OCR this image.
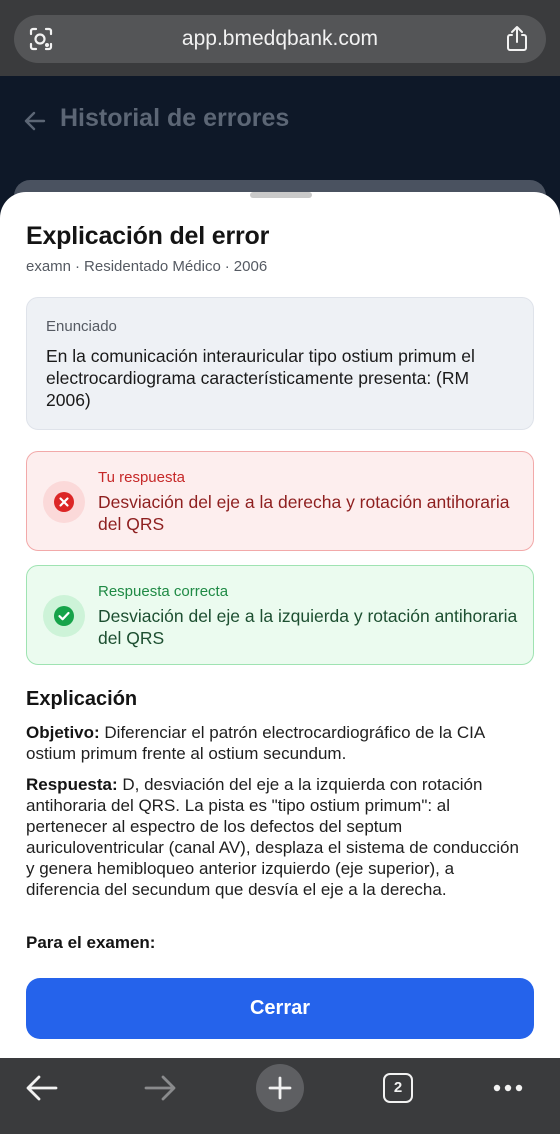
app.bmedqbank.com
Historial de errores
Explicación del error
examn · Residentado Médico · 2006
Enunciado
En la comunicación interauricular tipo ostium primum el electrocardiograma característicamente presenta: (RM 2006)
Tu respuesta
Desviación del eje a la derecha y rotación antihoraria del QRS
Respuesta correcta
Desviación del eje a la izquierda y rotación antihoraria del QRS
Explicación
Objetivo: Diferenciar el patrón electrocardiográfico de la CIA ostium primum frente al ostium secundum.
Respuesta: D, desviación del eje a la izquierda con rotación antihoraria del QRS. La pista es "tipo ostium primum": al pertenecer al espectro de los defectos del septum auriculoventricular (canal AV), desplaza el sistema de conducción y genera hemibloqueo anterior izquierdo (eje superior), a diferencia del secundum que desvía el eje a la derecha.
Para el examen:
Cerrar
2
